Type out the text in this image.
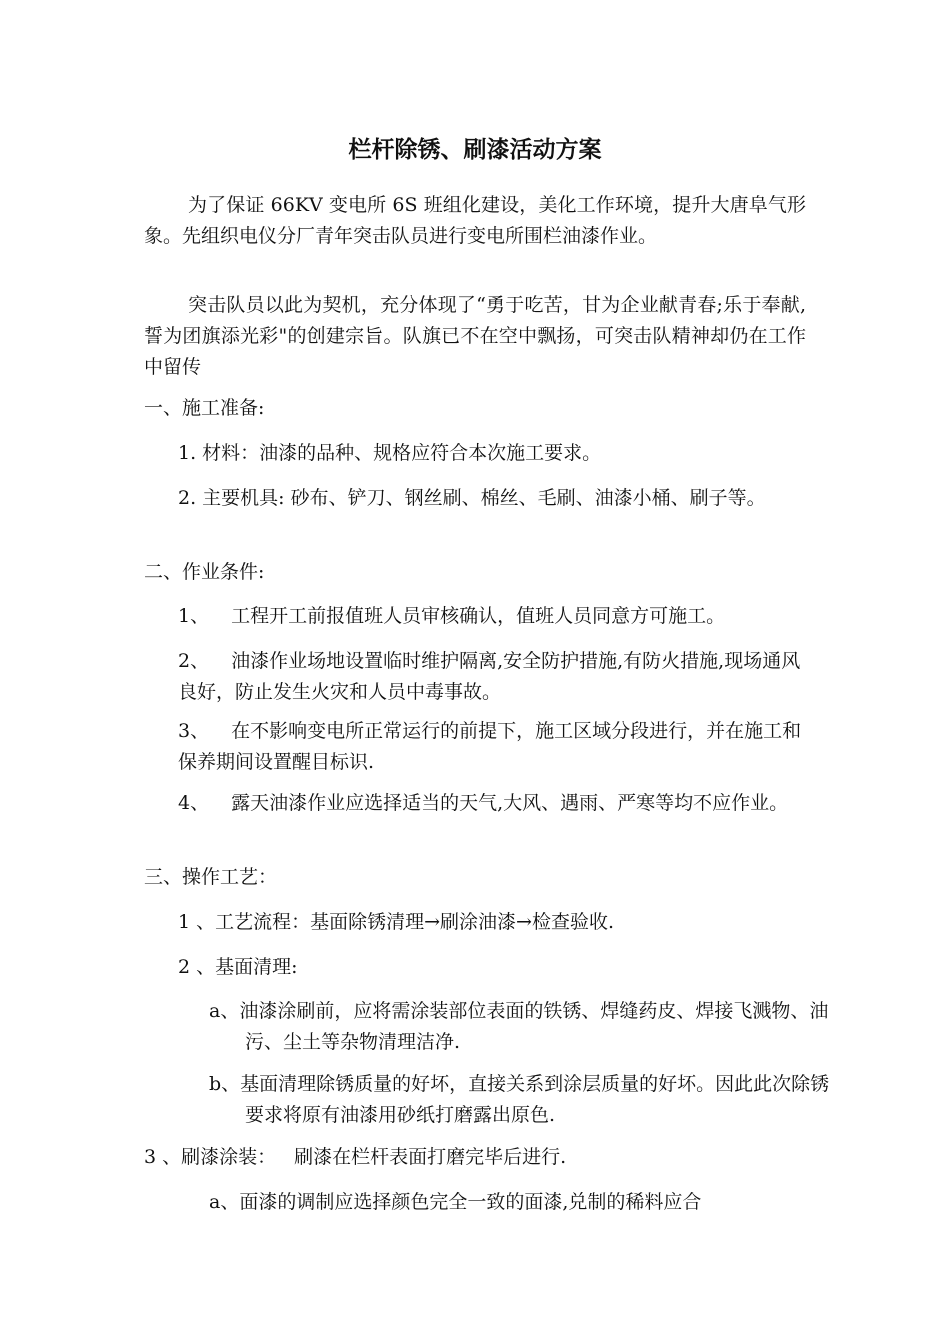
栏杆除锈、刷漆活动方案
为了保证 66KV 变电所 6S 班组化建设，美化工作环境，提升大唐阜气形象。先组织电仪分厂青年突击队员进行变电所围栏油漆作业。
突击队员以此为契机，充分体现了“勇于吃苦，甘为企业献青春;乐于奉献,誓为团旗添光彩"的创建宗旨。队旗已不在空中飘扬，可突击队精神却仍在工作中留传
一、施工准备:
1. 材料：油漆的品种、规格应符合本次施工要求。
2. 主要机具: 砂布、铲刀、钢丝刷、棉丝、毛刷、油漆小桶、刷子等。
二、作业条件:
1、 工程开工前报值班人员审核确认，值班人员同意方可施工。
2、 油漆作业场地设置临时维护隔离,安全防护措施,有防火措施,现场通风良好，防止发生火灾和人员中毒事故。
3、 在不影响变电所正常运行的前提下，施工区域分段进行，并在施工和保养期间设置醒目标识.
4、 露天油漆作业应选择适当的天气,大风、遇雨、严寒等均不应作业。
三、操作工艺：
1 、工艺流程：基面除锈清理→刷涂油漆→检查验收.
2 、基面清理:
a、油漆涂刷前，应将需涂装部位表面的铁锈、焊缝药皮、焊接飞溅物、油污、尘土等杂物清理洁净.
b、基面清理除锈质量的好坏，直接关系到涂层质量的好坏。因此此次除锈要求将原有油漆用砂纸打磨露出原色.
3 、刷漆涂装： 刷漆在栏杆表面打磨完毕后进行.
a、面漆的调制应选择颜色完全一致的面漆,兑制的稀料应合
